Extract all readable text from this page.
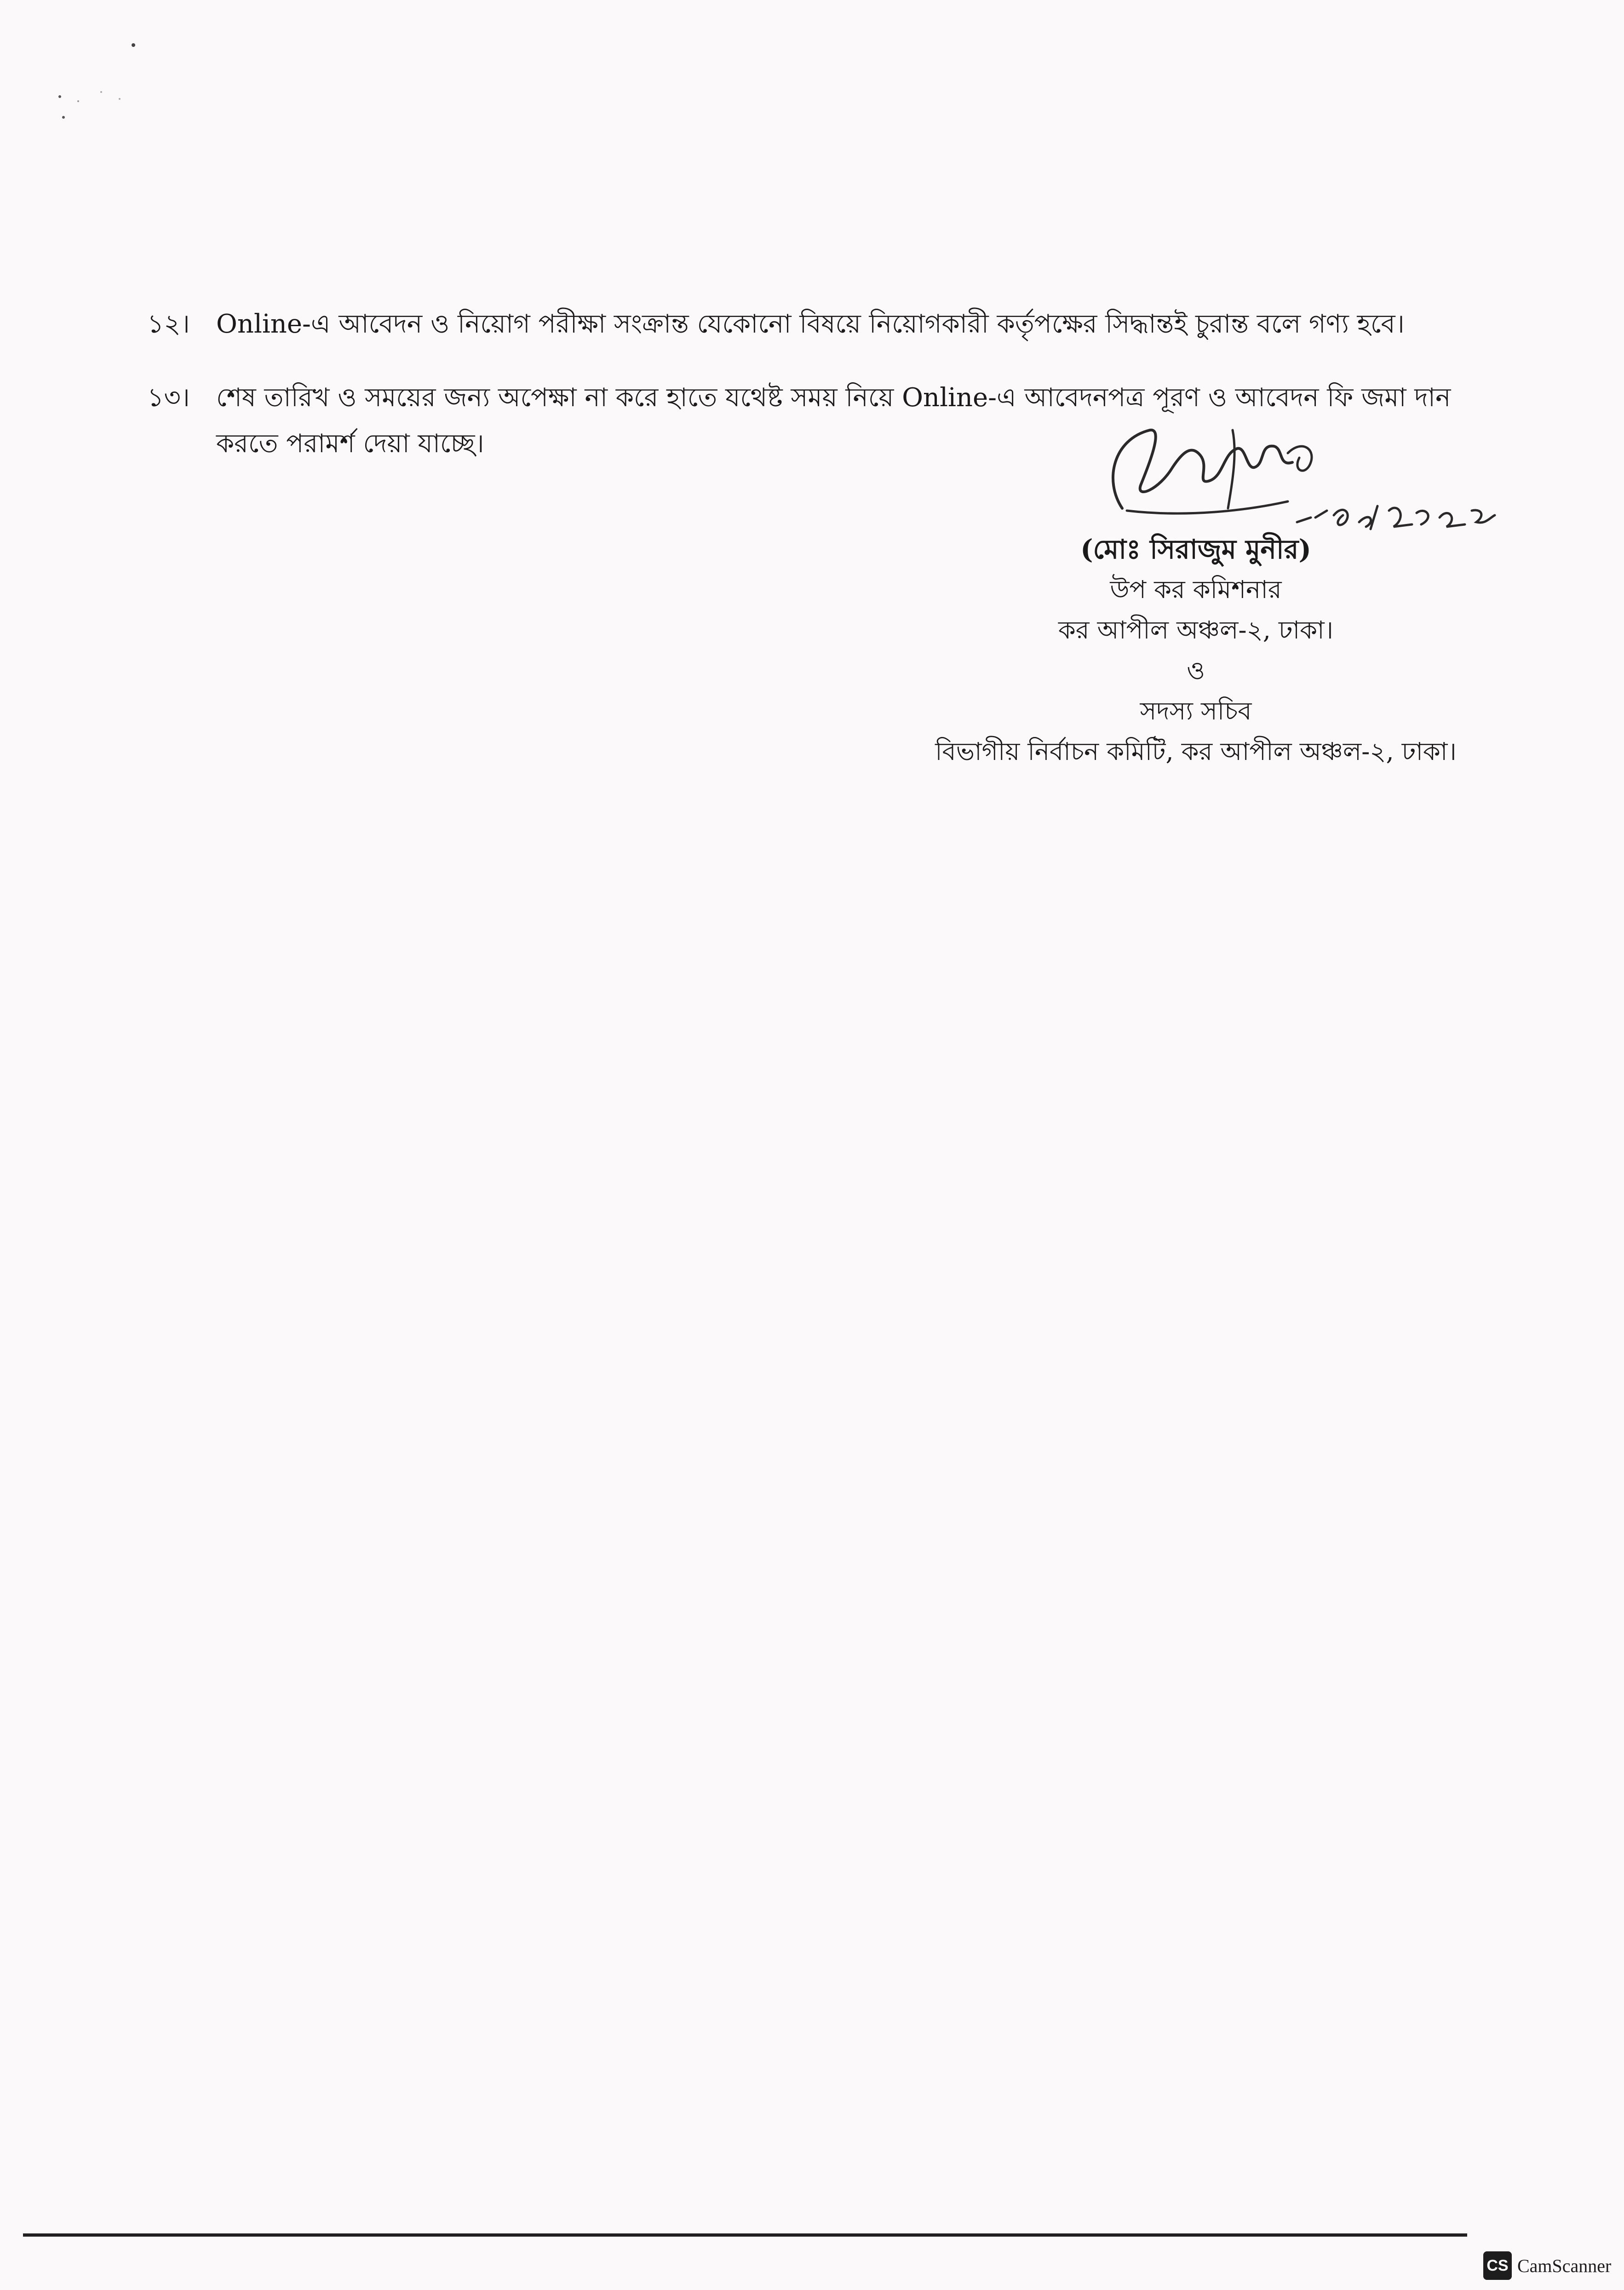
১২। Online-এ আবেদন ও নিয়োগ পরীক্ষা সংক্রান্ত যেকোনো বিষয়ে নিয়োগকারী কর্তৃপক্ষের সিদ্ধান্তই চুরান্ত বলে গণ্য হবে।
১৩। শেষ তারিখ ও সময়ের জন্য অপেক্ষা না করে হাতে যথেষ্ট সময় নিয়ে Online-এ আবেদনপত্র পূরণ ও আবেদন ফি জমা দান
করতে পরামর্শ দেয়া যাচ্ছে।
(মোঃ সিরাজুম মুনীর)
উপ কর কমিশনার
কর আপীল অঞ্চল-২, ঢাকা।
ও
সদস্য সচিব
বিভাগীয় নির্বাচন কমিটি, কর আপীল অঞ্চল-২, ঢাকা।
CS CamScanner
